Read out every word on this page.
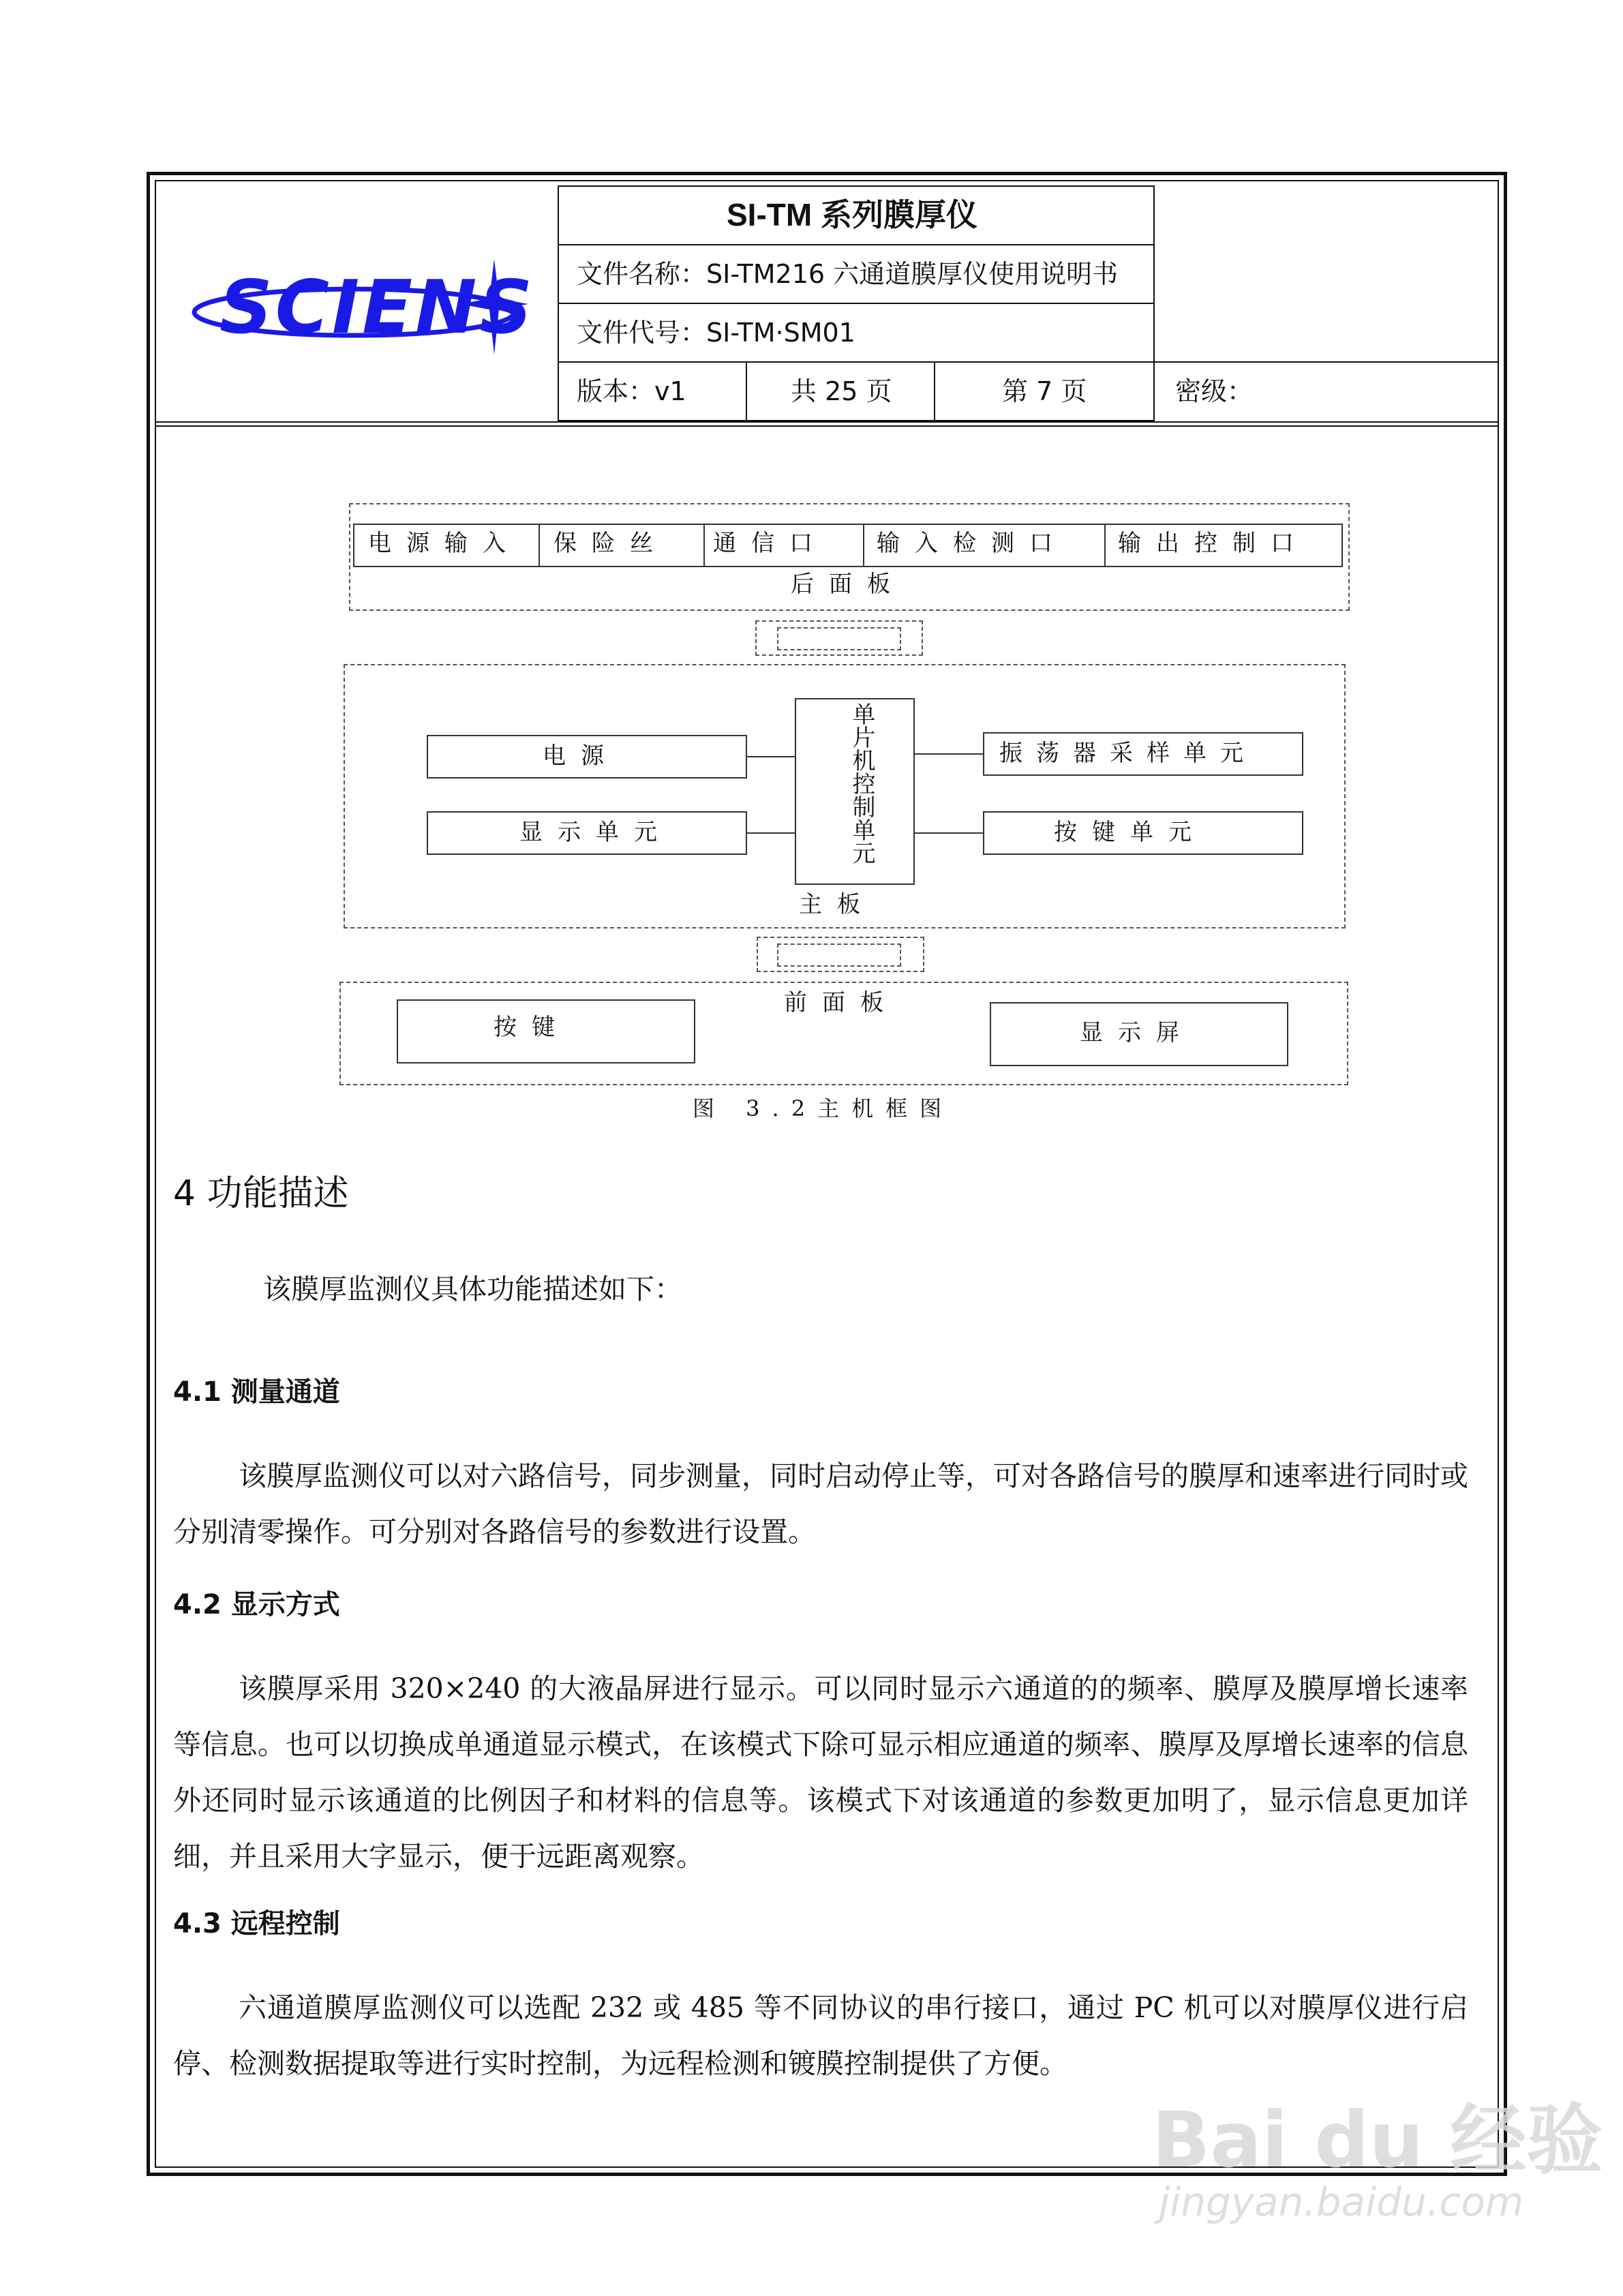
SCIENS
SI-TM 系列膜厚仪
文件名称：SI-TM216 六通道膜厚仪使用说明书
文件代号：SI-TM·SM01
版本：v1	共 25 页	第 7 页	密级：
电源输入 保险丝 通信口 输入检测口 输出控制口
后面板
电源
显示单元	单片机控制单元	振荡器采样单元
按键单元
主板
按键	显示屏
前面板
图 3.2主机框图
4 功能描述
该膜厚监测仪具体功能描述如下：
4.1 测量通道

该膜厚监测仪可以对六路信号，同步测量，同时启动停止等，可对各路信号的膜厚和速率进行同时或分别清零操作。可分别对各路信号的参数进行设置。

4.2 显示方式

该膜厚采用 320×240 的大液晶屏进行显示。可以同时显示六通道的的频率、膜厚及膜厚增长速率等信息。也可以切换成单通道显示模式，在该模式下除可显示相应通道的频率、膜厚及厚增长速率的信息外还同时显示该通道的比例因子和材料的信息等。该模式下对该通道的参数更加明了，显示信息更加详细，并且采用大字显示，便于远距离观察。

4.3 远程控制

六通道膜厚监测仪可以选配 232 或 485 等不同协议的串行接口，通过 PC 机可以对膜厚仪进行启停、检测数据提取等进行实时控制，为远程检测和镀膜控制提供了方便。

Bai du 经验
jingyan.baidu.com
